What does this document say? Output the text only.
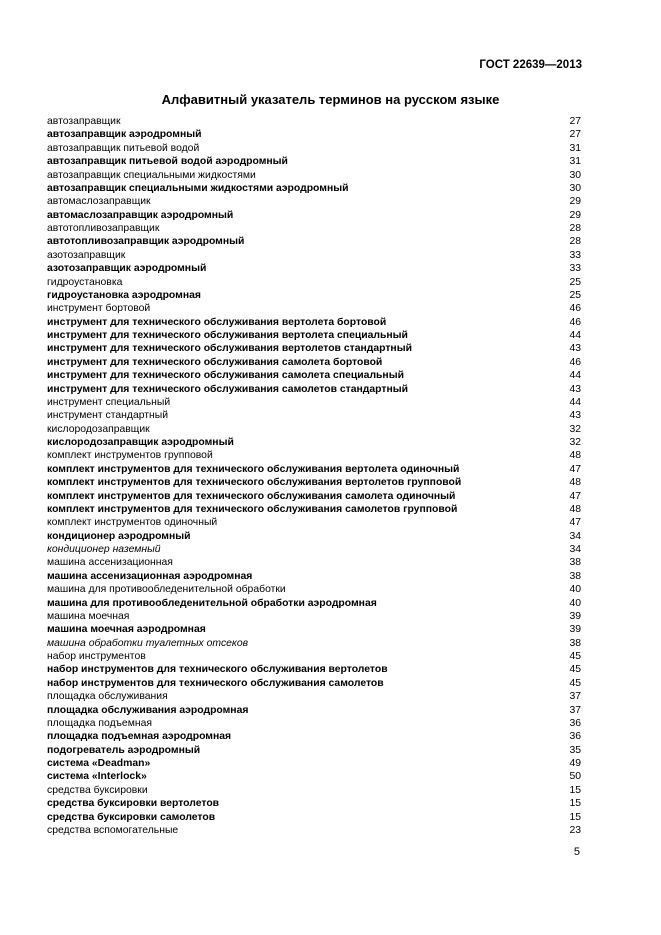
ГОСТ 22639—2013
Алфавитный указатель терминов на русском языке
автозаправщик	27
автозаправщик аэродромный	27
автозаправщик питьевой водой	31
автозаправщик питьевой водой аэродромный	31
автозаправщик специальными жидкостями	30
автозаправщик специальными жидкостями аэродромный	30
автомаслозаправщик	29
автомаслозаправщик аэродромный	29
автотопливозаправщик	28
автотопливозаправщик аэродромный	28
азотозаправщик	33
азотозаправщик аэродромный	33
гидроустановка	25
гидроустановка аэродромная	25
инструмент бортовой	46
инструмент для технического обслуживания вертолета бортовой	46
инструмент для технического обслуживания вертолета специальный	44
инструмент для технического обслуживания вертолетов стандартный	43
инструмент для технического обслуживания самолета бортовой	46
инструмент для технического обслуживания самолета специальный	44
инструмент для технического обслуживания самолетов стандартный	43
инструмент специальный	44
инструмент стандартный	43
кислородозаправщик	32
кислородозаправщик аэродромный	32
комплект инструментов групповой	48
комплект инструментов для технического обслуживания вертолета одиночный	47
комплект инструментов для технического обслуживания вертолетов групповой	48
комплект инструментов для технического обслуживания самолета одиночный	47
комплект инструментов для технического обслуживания самолетов групповой	48
комплект инструментов одиночный	47
кондиционер аэродромный	34
кондиционер наземный	34
машина ассенизационная	38
машина ассенизационная аэродромная	38
машина для противообледенительной обработки	40
машина для противообледенительной обработки аэродромная	40
машина моечная	39
машина моечная аэродромная	39
машина обработки туалетных отсеков	38
набор инструментов	45
набор инструментов для технического обслуживания вертолетов	45
набор инструментов для технического обслуживания самолетов	45
площадка обслуживания	37
площадка обслуживания аэродромная	37
площадка подъемная	36
площадка подъемная аэродромная	36
подогреватель аэродромный	35
система «Deadman»	49
система «Interlock»	50
средства буксировки	15
средства буксировки вертолетов	15
средства буксировки самолетов	15
средства вспомогательные	23
5
